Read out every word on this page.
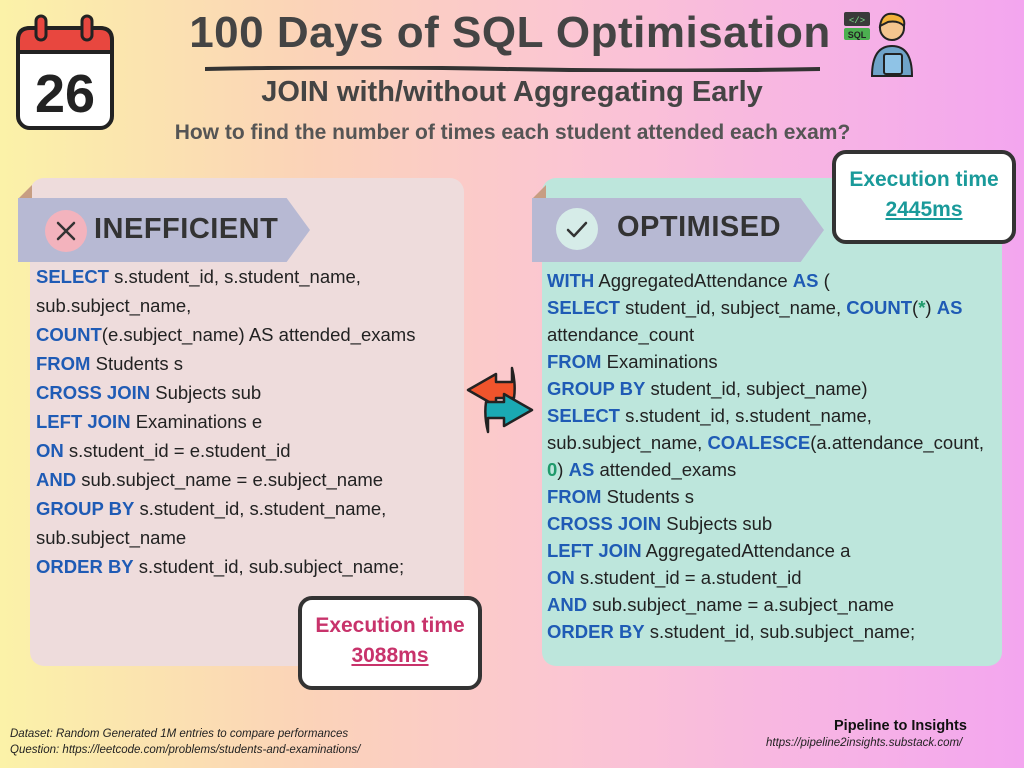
26
100 Days of SQL Optimisation	</>
SQL
JOIN with/without Aggregating Early
How to find the number of times each student attended each exam?
INEFFICIENT	OPTIMISED
SELECT s.student_id, s.student_name,
sub.subject_name,
COUNT(e.subject_name) AS attended_exams
FROM Students s
CROSS JOIN Subjects sub
LEFT JOIN Examinations e
ON s.student_id = e.student_id
AND sub.subject_name = e.subject_name
GROUP BY s.student_id, s.student_name,
sub.subject_name
ORDER BY s.student_id, sub.subject_name;
WITH AggregatedAttendance AS (
SELECT student_id, subject_name, COUNT(*) AS
attendance_count
FROM Examinations
GROUP BY student_id, subject_name)
SELECT s.student_id, s.student_name,
sub.subject_name, COALESCE(a.attendance_count,
0) AS attended_exams
FROM Students s
CROSS JOIN Subjects sub
LEFT JOIN AggregatedAttendance a
ON s.student_id = a.student_id
AND sub.subject_name = a.subject_name
ORDER BY s.student_id, sub.subject_name;
Execution time
3088ms
Execution time
2445ms
Dataset: Random Generated 1M entries to compare performances
Question: https://leetcode.com/problems/students-and-examinations/
Pipeline to Insights
https://pipeline2insights.substack.com/
